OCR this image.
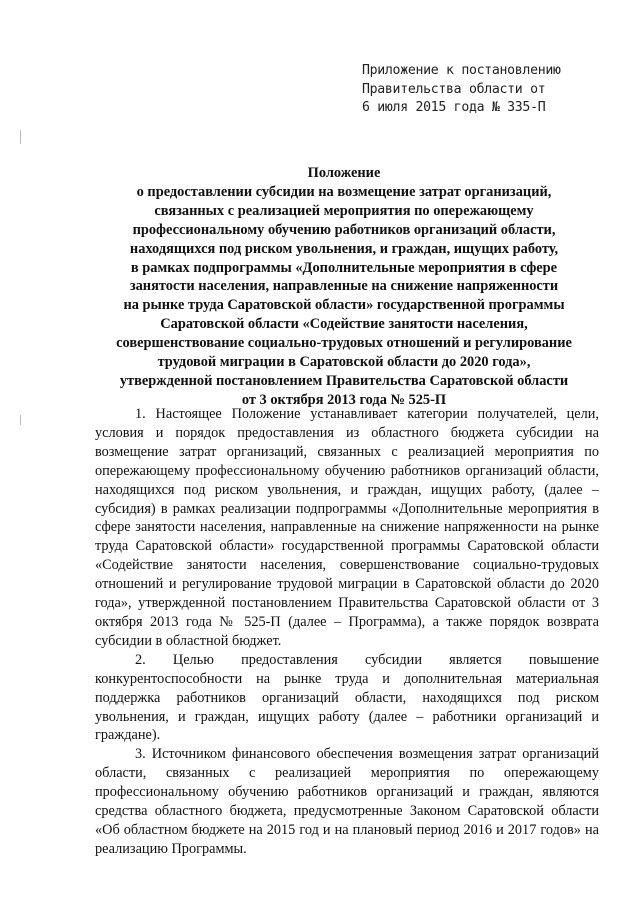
Приложение к постановлению
Правительства области от
6 июля 2015 года № 335-П
Положение
о предоставлении субсидии на возмещение затрат организаций,
связанных с реализацией мероприятия по опережающему
профессиональному обучению работников организаций области,
находящихся под риском увольнения, и граждан, ищущих работу,
в рамках подпрограммы «Дополнительные мероприятия в сфере
занятости населения, направленные на снижение напряженности
на рынке труда Саратовской области» государственной программы
Саратовской области «Содействие занятости населения,
совершенствование социально-трудовых отношений и регулирование
трудовой миграции в Саратовской области до 2020 года»,
утвержденной постановлением Правительства Саратовской области
от 3 октября 2013 года № 525-П

1. Настоящее Положение устанавливает категории получателей, цели, условия и порядок предоставления из областного бюджета субсидии на возмещение затрат организаций, связанных с реализацией мероприятия по опережающему профессиональному обучению работников организаций области, находящихся под риском увольнения, и граждан, ищущих работу, (далее – субсидия) в рамках реализации подпрограммы «Дополнительные мероприятия в сфере занятости населения, направленные на снижение напряженности на рынке труда Саратовской области» государственной программы Саратовской области «Содействие занятости населения, совершенствование социально-трудовых отношений и регулирование трудовой миграции в Саратовской области до 2020 года», утвержденной постановлением Правительства Саратовской области от 3 октября 2013 года № 525-П (далее – Программа), а также порядок возврата субсидии в областной бюджет.

2. Целью предоставления субсидии является повышение конкурентоспособности на рынке труда и дополнительная материальная поддержка работников организаций области, находящихся под риском увольнения, и граждан, ищущих работу (далее – работники организаций и граждане).

3. Источником финансового обеспечения возмещения затрат организаций области, связанных с реализацией мероприятия по опережающему профессиональному обучению работников организаций и граждан, являются средства областного бюджета, предусмотренные Законом Саратовской области «Об областном бюджете на 2015 год и на плановый период 2016 и 2017 годов» на реализацию Программы.
